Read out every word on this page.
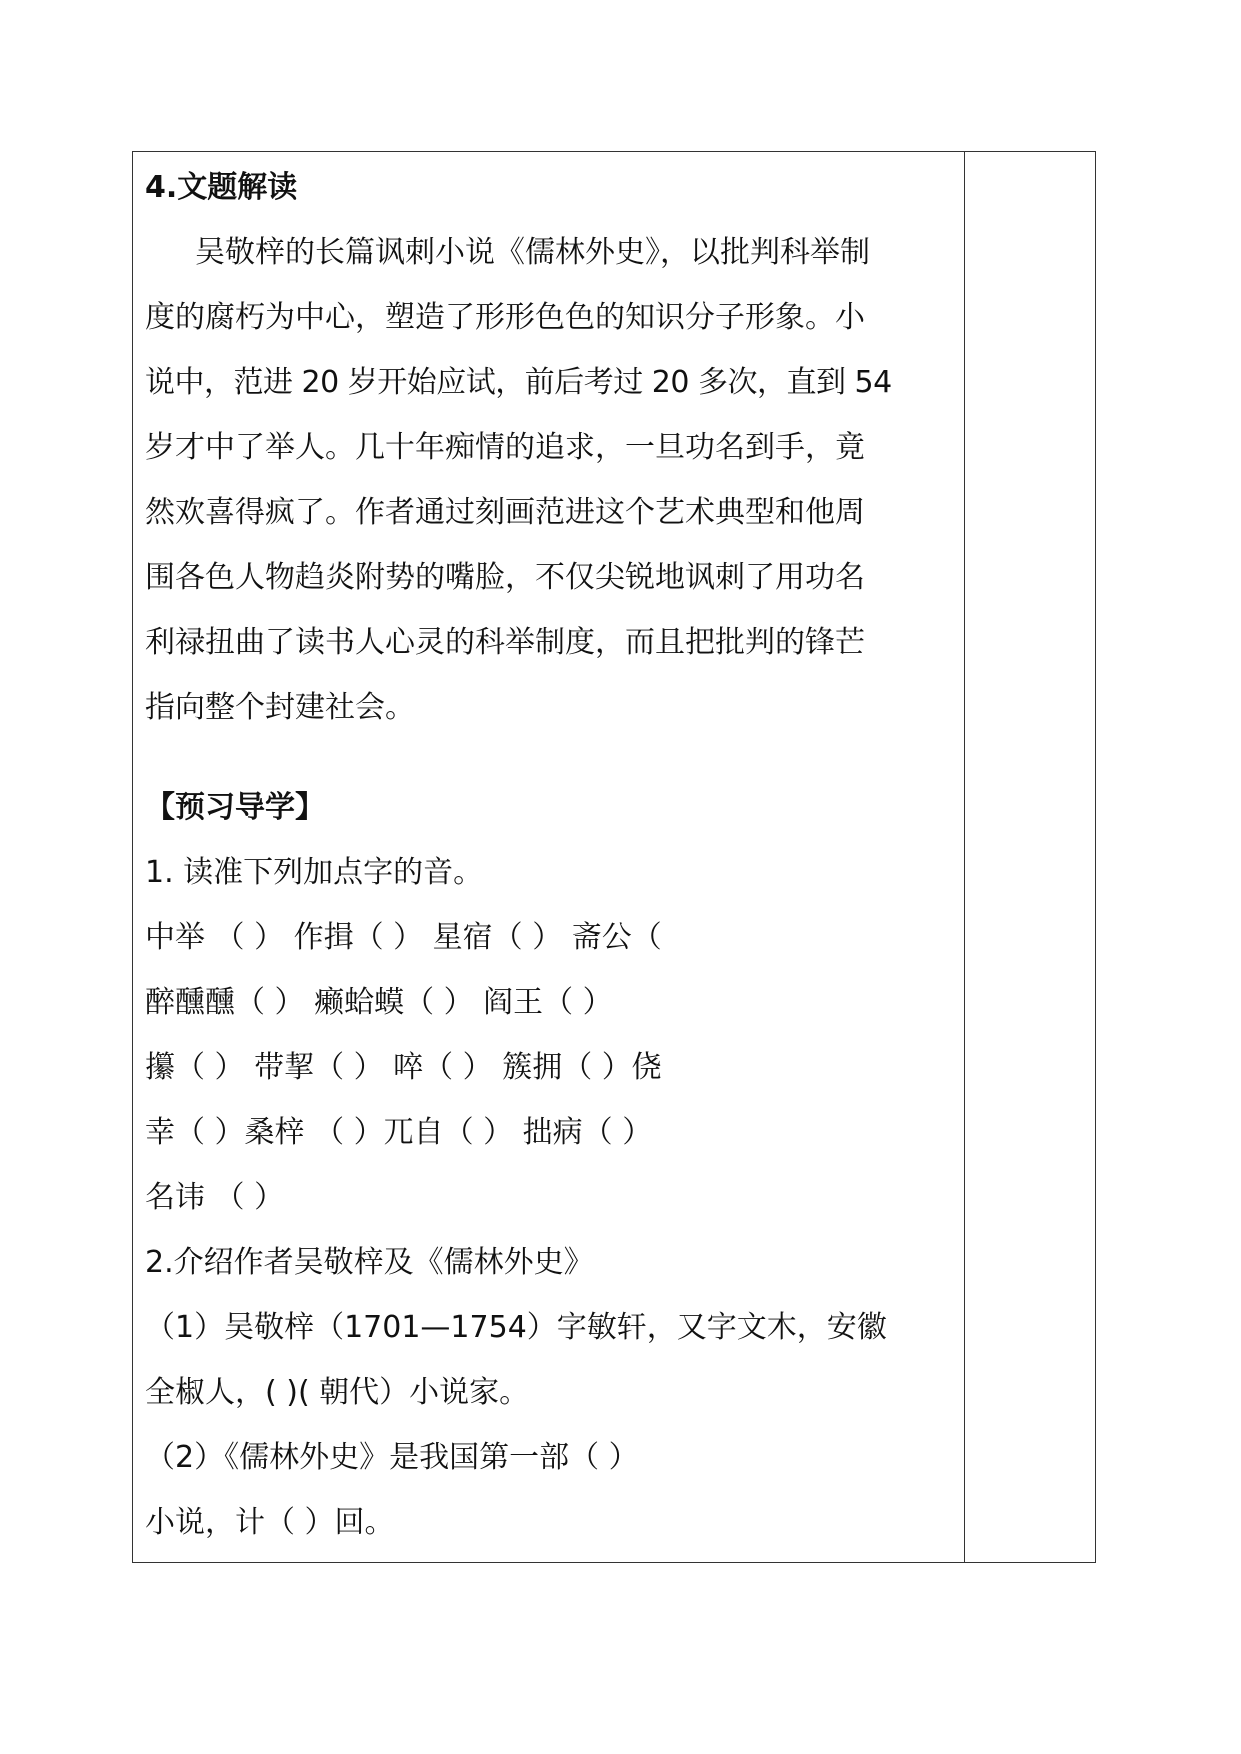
4.文题解读
吴敬梓的长篇讽刺小说《儒林外史》，以批判科举制
度的腐朽为中心，塑造了形形色色的知识分子形象。小
说中，范进 20 岁开始应试，前后考过 20 多次，直到 54
岁才中了举人。几十年痴情的追求，一旦功名到手，竟
然欢喜得疯了。作者通过刻画范进这个艺术典型和他周
围各色人物趋炎附势的嘴脸，不仅尖锐地讽刺了用功名
利禄扭曲了读书人心灵的科举制度，而且把批判的锋芒
指向整个封建社会。
【预习导学】
1. 读准下列加点字的音。
中举 （ ） 作揖（ ） 星宿（ ） 斋公（
醉醺醺（ ） 癞蛤蟆（ ） 阎王（ ）
攥（ ） 带挈（ ） 啐（ ） 簇拥（ ）侥
幸（ ）桑梓 （ ）兀自（ ） 拙病（ ）
名讳 （ ）
2.介绍作者吴敬梓及《儒林外史》
（1）吴敬梓（1701—1754）字敏轩，又字文木，安徽
全椒人，( )( 朝代）小说家。
（2）《儒林外史》是我国第一部（ ）
小说，计（ ）回。
